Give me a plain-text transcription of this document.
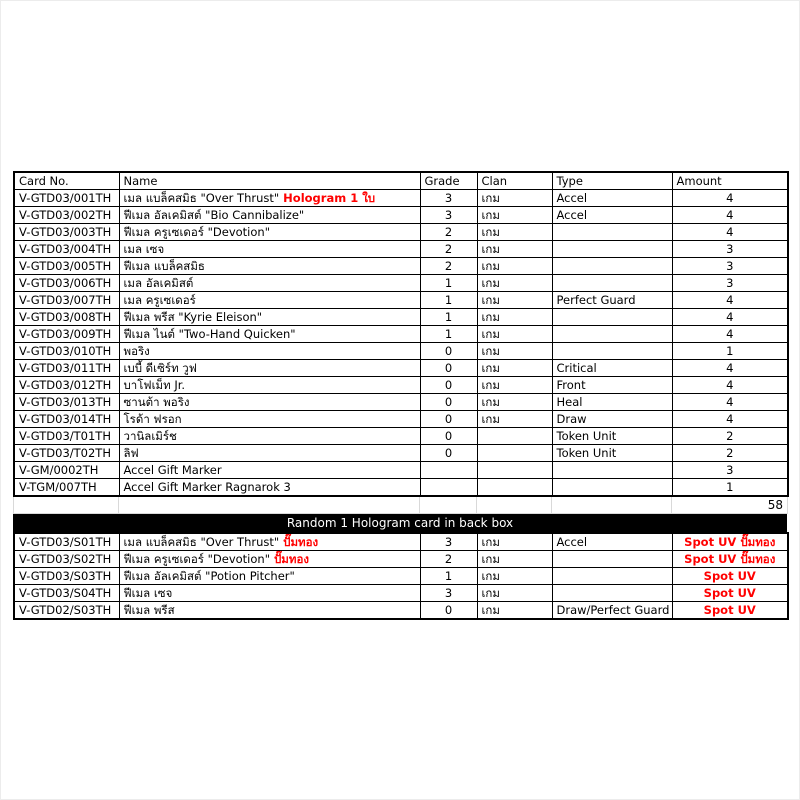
Card No.	Name	Grade	Clan	Type	Amount
V-GTD03/001TH	เมล แบล็คสมิธ "Over Thrust" Hologram 1 ใบ	3	เกม	Accel	4
V-GTD03/002TH	ฟีเมล อัลเคมิสต์ "Bio Cannibalize"	3	เกม	Accel	4
V-GTD03/003TH	ฟีเมล ครูเซเดอร์ "Devotion"	2	เกม		4
V-GTD03/004TH	เมล เซจ	2	เกม		3
V-GTD03/005TH	ฟีเมล แบล็คสมิธ	2	เกม		3
V-GTD03/006TH	เมล อัลเคมิสต์	1	เกม		3
V-GTD03/007TH	เมล ครูเซเดอร์	1	เกม	Perfect Guard	4
V-GTD03/008TH	ฟีเมล พรีส "Kyrie Eleison"	1	เกม		4
V-GTD03/009TH	ฟีเมล ไนต์ "Two-Hand Quicken"	1	เกม		4
V-GTD03/010TH	พอริง	0	เกม		1
V-GTD03/011TH	เบบี้ ดีเซิร์ท วูฟ	0	เกม	Critical	4
V-GTD03/012TH	บาโฟเม็ท Jr.	0	เกม	Front	4
V-GTD03/013TH	ซานต้า พอริง	0	เกม	Heal	4
V-GTD03/014TH	โรด้า ฟรอก	0	เกม	Draw	4
V-GTD03/T01TH	วานิลเมิร์ช	0		Token Unit	2
V-GTD03/T02TH	ลิฟ	0		Token Unit	2
V-GM/0002TH	Accel Gift Marker				3
V-TGM/007TH	Accel Gift Marker Ragnarok 3				1
					58
Random 1 Hologram card in back box
V-GTD03/S01TH	เมล แบล็คสมิธ "Over Thrust" ปั๊มทอง	3	เกม	Accel	Spot UV ปั๊มทอง
V-GTD03/S02TH	ฟีเมล ครูเซเดอร์ "Devotion" ปั๊มทอง	2	เกม		Spot UV ปั๊มทอง
V-GTD03/S03TH	ฟีเมล อัลเคมิสต์ "Potion Pitcher"	1	เกม		Spot UV
V-GTD03/S04TH	ฟีเมล เซจ	3	เกม		Spot UV
V-GTD02/S03TH	ฟีเมล พรีส	0	เกม	Draw/Perfect Guard	Spot UV
